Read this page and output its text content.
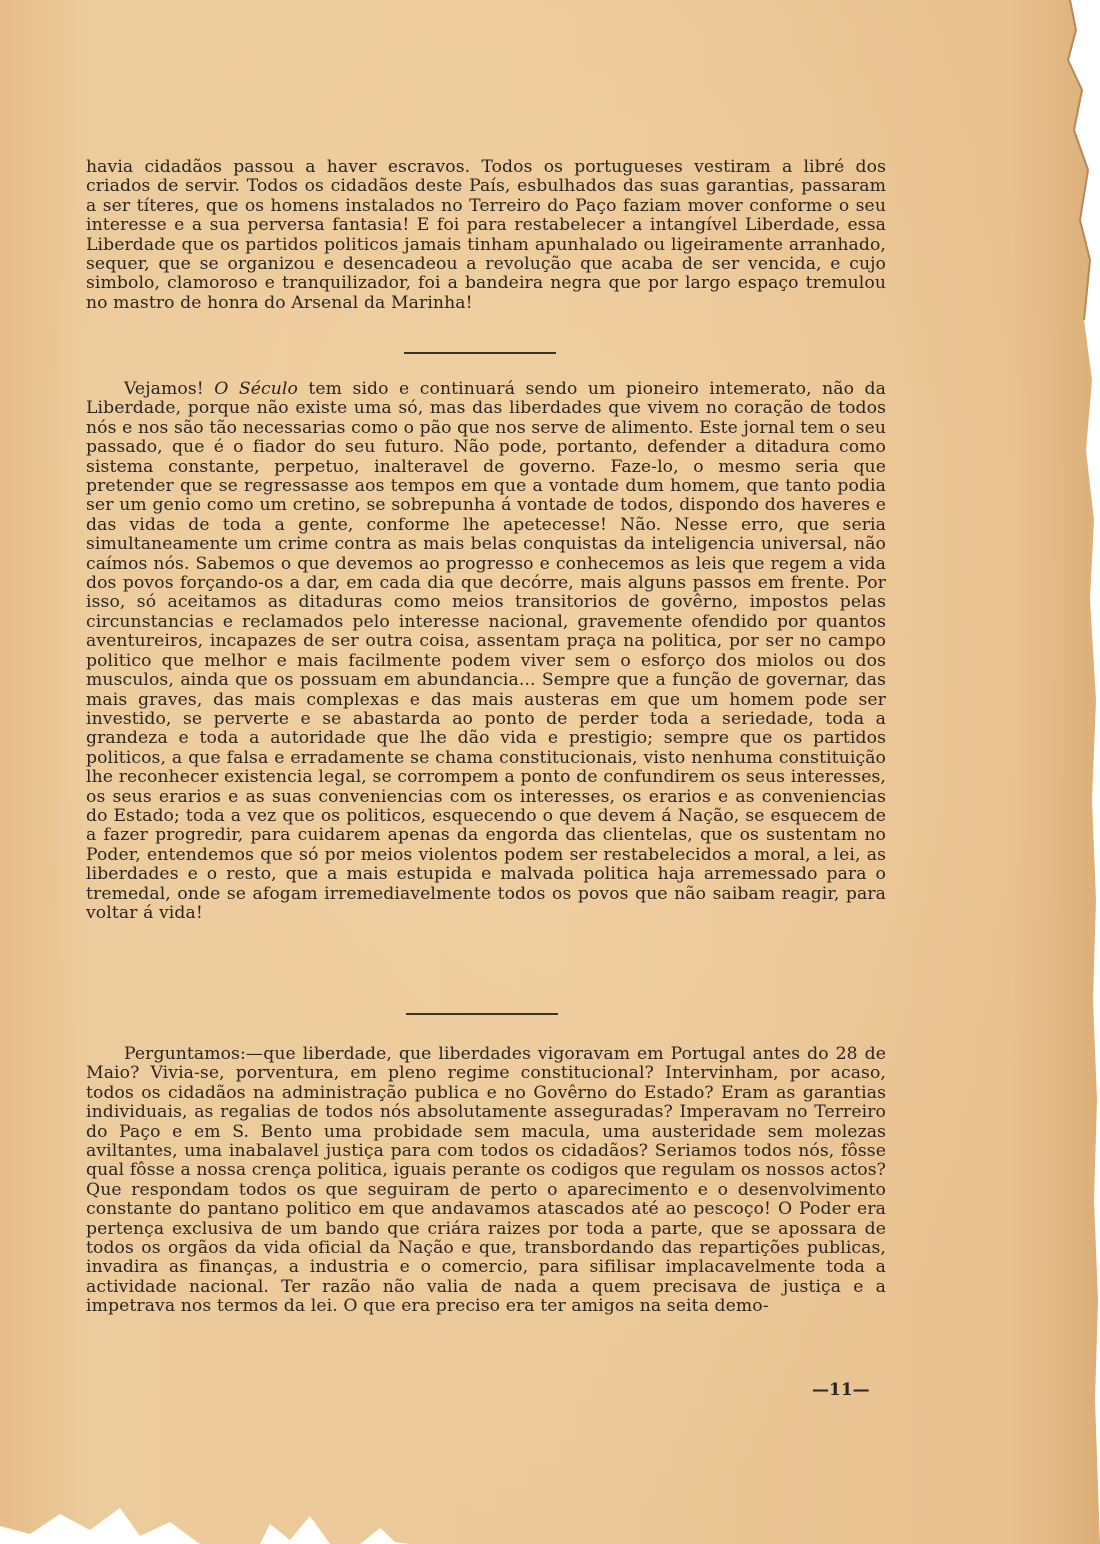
havia cidadãos passou a haver escravos. Todos os portugueses vestiram a libré dos criados de servir. Todos os cidadãos deste País, esbulhados das suas garantias, passaram a ser títeres, que os homens instalados no Terreiro do Paço faziam mover conforme o seu interesse e a sua perversa fantasia! E foi para restabelecer a intangível Liberdade, essa Liberdade que os partidos politicos jamais tinham apunhalado ou ligeiramente arranhado, sequer, que se organizou e desencadeou a revolução que acaba de ser vencida, e cujo simbolo, clamoroso e tranquilizador, foi a bandeira negra que por largo espaço tremulou no mastro de honra do Arsenal da Marinha!

Vejamos! O Século tem sido e continuará sendo um pioneiro intemerato, não da Liberdade, porque não existe uma só, mas das liberdades que vivem no coração de todos nós e nos são tão necessarias como o pão que nos serve de alimento. Este jornal tem o seu passado, que é o fiador do seu futuro. Não pode, portanto, defender a ditadura como sistema constante, perpetuo, inalteravel de governo. Faze-lo, o mesmo seria que pretender que se regressasse aos tempos em que a vontade dum homem, que tanto podia ser um genio como um cretino, se sobrepunha á vontade de todos, dispondo dos haveres e das vidas de toda a gente, conforme lhe apetecesse! Não. Nesse erro, que seria simultaneamente um crime contra as mais belas conquistas da inteligencia universal, não caímos nós. Sabemos o que devemos ao progresso e conhecemos as leis que regem a vida dos povos forçando-os a dar, em cada dia que decórre, mais alguns passos em frente. Por isso, só aceitamos as ditaduras como meios transitorios de govêrno, impostos pelas circunstancias e reclamados pelo interesse nacional, gravemente ofendido por quantos aventureiros, incapazes de ser outra coisa, assentam praça na politica, por ser no campo politico que melhor e mais facilmente podem viver sem o esforço dos miolos ou dos musculos, ainda que os possuam em abundancia... Sempre que a função de governar, das mais graves, das mais complexas e das mais austeras em que um homem pode ser investido, se perverte e se abastarda ao ponto de perder toda a seriedade, toda a grandeza e toda a autoridade que lhe dão vida e prestigio; sempre que os partidos politicos, a que falsa e erradamente se chama constitucionais, visto nenhuma constituição lhe reconhecer existencia legal, se corrompem a ponto de confundirem os seus interesses, os seus erarios e as suas conveniencias com os interesses, os erarios e as conveniencias do Estado; toda a vez que os politicos, esquecendo o que devem á Nação, se esquecem de a fazer progredir, para cuidarem apenas da engorda das clientelas, que os sustentam no Poder, entendemos que só por meios violentos podem ser restabelecidos a moral, a lei, as liberdades e o resto, que a mais estupida e malvada politica haja arremessado para o tremedal, onde se afogam irremediavelmente todos os povos que não saibam reagir, para voltar á vida!

Perguntamos:—que liberdade, que liberdades vigoravam em Portugal antes do 28 de Maio? Vivia-se, porventura, em pleno regime constitucional? Intervinham, por acaso, todos os cidadãos na administração publica e no Govêrno do Estado? Eram as garantias individuais, as regalias de todos nós absolutamente asseguradas? Imperavam no Terreiro do Paço e em S. Bento uma probidade sem macula, uma austeridade sem molezas aviltantes, uma inabalavel justiça para com todos os cidadãos? Seriamos todos nós, fôsse qual fôsse a nossa crença politica, iguais perante os codigos que regulam os nossos actos? Que respondam todos os que seguiram de perto o aparecimento e o desenvolvimento constante do pantano politico em que andavamos atascados até ao pescoço! O Poder era pertença exclusiva de um bando que criára raizes por toda a parte, que se apossara de todos os orgãos da vida oficial da Nação e que, transbordando das repartições publicas, invadira as finanças, a industria e o comercio, para sifilisar implacavelmente toda a actividade nacional. Ter razão não valia de nada a quem precisava de justiça e a impetrava nos termos da lei. O que era preciso era ter amigos na seita demo-

—11—
